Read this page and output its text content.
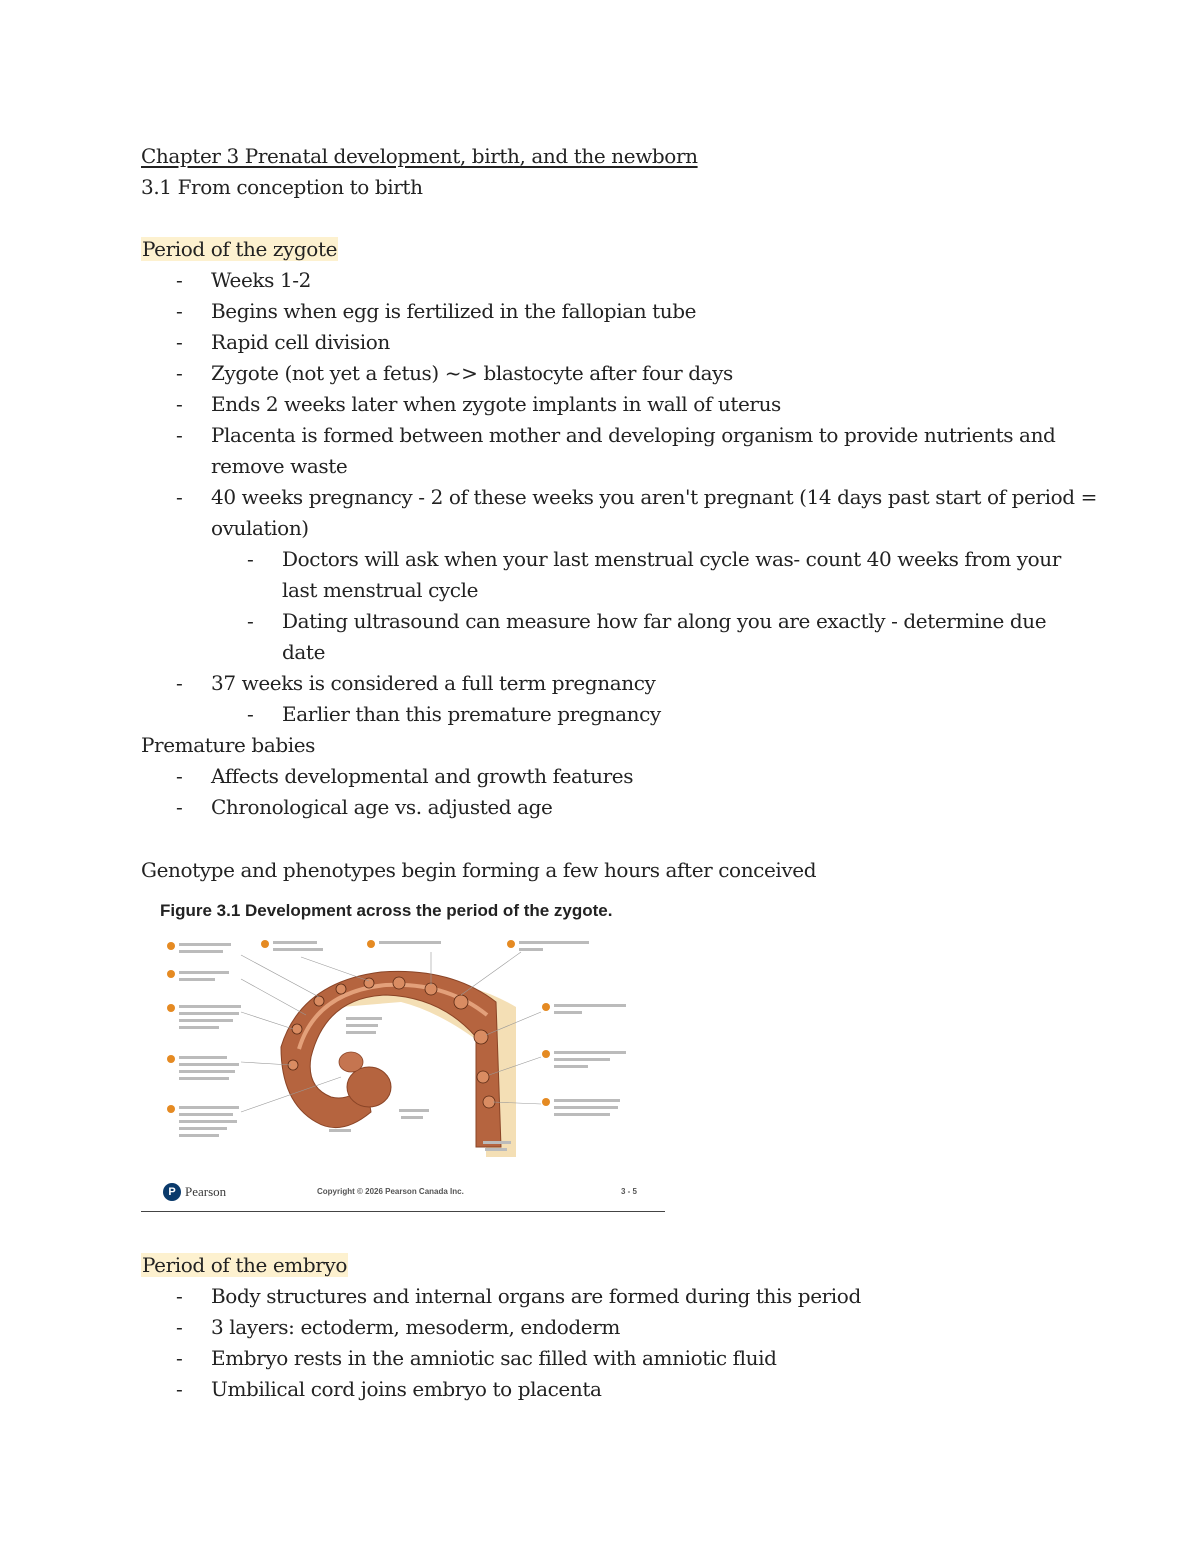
Chapter 3 Prenatal development, birth, and the newborn
3.1 From conception to birth
Period of the zygote
- Weeks 1-2
- Begins when egg is fertilized in the fallopian tube
- Rapid cell division
- Zygote (not yet a fetus) ~> blastocyte after four days
- Ends 2 weeks later when zygote implants in wall of uterus
- Placenta is formed between mother and developing organism to provide nutrients and
remove waste
- 40 weeks pregnancy - 2 of these weeks you aren't pregnant (14 days past start of period =
ovulation)
- Doctors will ask when your last menstrual cycle was- count 40 weeks from your
last menstrual cycle
- Dating ultrasound can measure how far along you are exactly - determine due
date
- 37 weeks is considered a full term pregnancy
- Earlier than this premature pregnancy
Premature babies
- Affects developmental and growth features
- Chronological age vs. adjusted age
Genotype and phenotypes begin forming a few hours after conceived
Figure 3.1 Development across the period of the zygote.
P Pearson	Copyright © 2026 Pearson Canada Inc.	3 - 5
Period of the embryo
- Body structures and internal organs are formed during this period
- 3 layers: ectoderm, mesoderm, endoderm
- Embryo rests in the amniotic sac filled with amniotic fluid
- Umbilical cord joins embryo to placenta
